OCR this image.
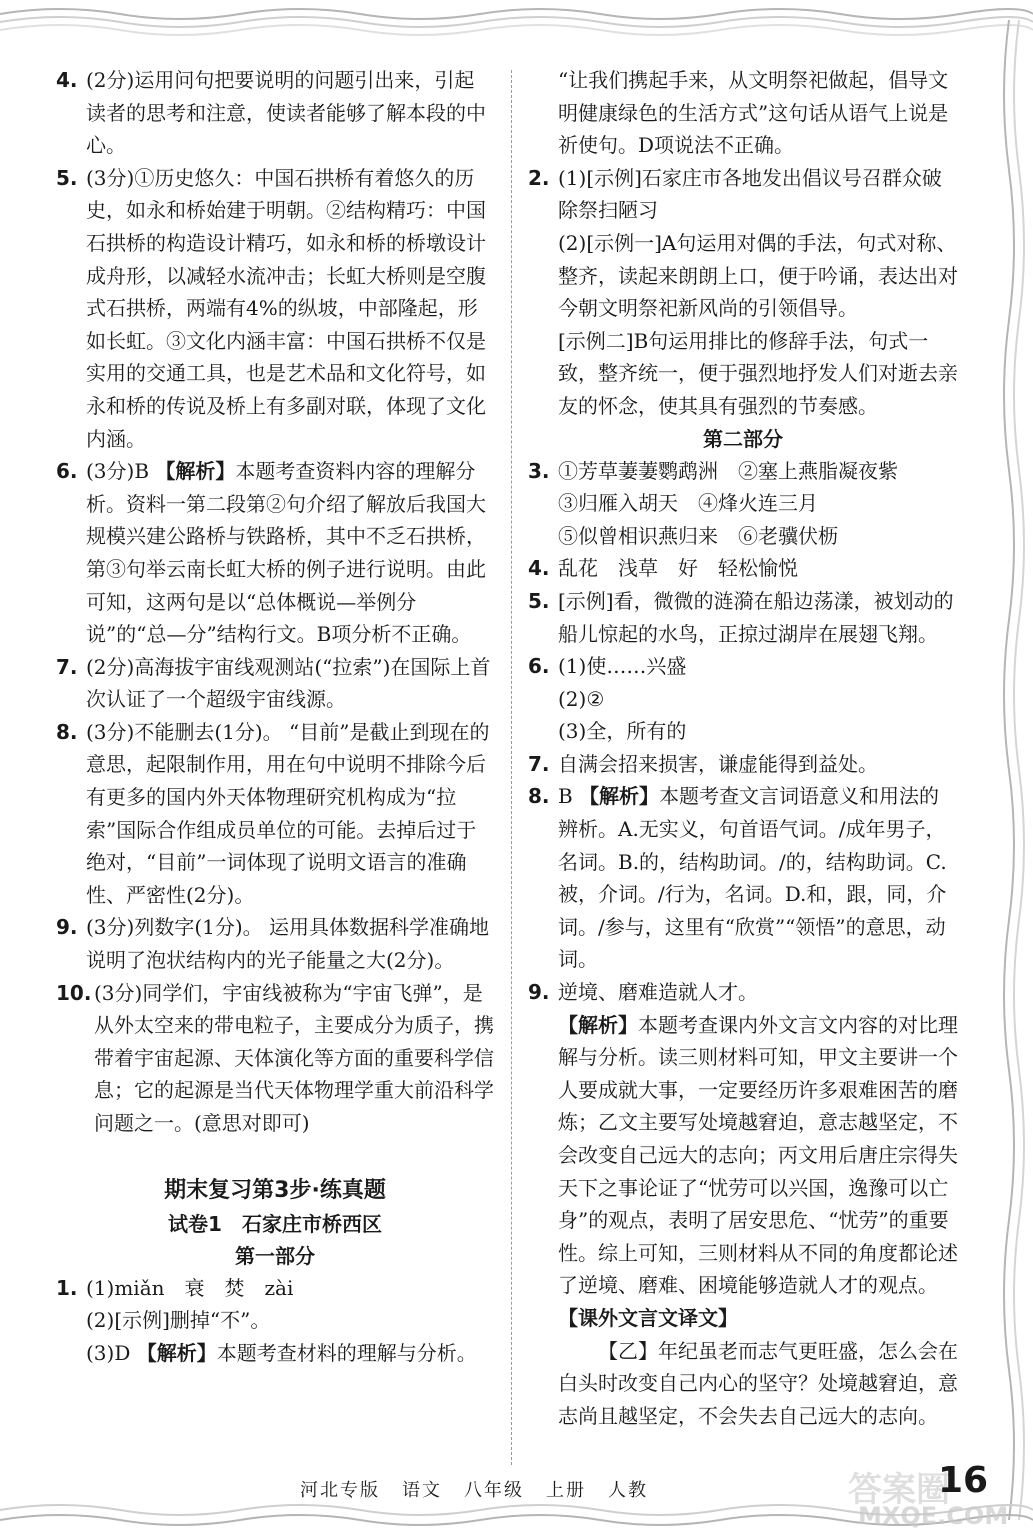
4. (2分)运用问句把要说明的问题引出来，引起读者的思考和注意，使读者能够了解本段的中心。
5. (3分)①历史悠久：中国石拱桥有着悠久的历史，如永和桥始建于明朝。②结构精巧：中国石拱桥的构造设计精巧，如永和桥的桥墩设计成舟形，以减轻水流冲击；长虹大桥则是空腹式石拱桥，两端有4%的纵坡，中部隆起，形如长虹。③文化内涵丰富：中国石拱桥不仅是实用的交通工具，也是艺术品和文化符号，如永和桥的传说及桥上有多副对联，体现了文化内涵。
6. (3分)B 【解析】本题考查资料内容的理解分析。资料一第二段第②句介绍了解放后我国大规模兴建公路桥与铁路桥，其中不乏石拱桥，第③句举云南长虹大桥的例子进行说明。由此可知，这两句是以“总体概说—举例分说”的“总—分”结构行文。B项分析不正确。
7. (2分)高海拔宇宙线观测站(“拉索”)在国际上首次认证了一个超级宇宙线源。
8. (3分)不能删去(1分)。 “目前”是截止到现在的意思，起限制作用，用在句中说明不排除今后有更多的国内外天体物理研究机构成为“拉索”国际合作组成员单位的可能。去掉后过于绝对，“目前”一词体现了说明文语言的准确性、严密性(2分)。
9. (3分)列数字(1分)。 运用具体数据科学准确地说明了泡状结构内的光子能量之大(2分)。
10. (3分)同学们，宇宙线被称为“宇宙飞弹”，是从外太空来的带电粒子，主要成分为质子，携带着宇宙起源、天体演化等方面的重要科学信息；它的起源是当代天体物理学重大前沿科学问题之一。(意思对即可)
期末复习第3步·练真题
试卷1　石家庄市桥西区
第一部分
1. (1)miǎn　衰　焚　zài
(2)[示例]删掉“不”。
(3)D 【解析】本题考查材料的理解与分析。
“让我们携起手来，从文明祭祀做起，倡导文明健康绿色的生活方式”这句话从语气上说是祈使句。D项说法不正确。
2. (1)[示例]石家庄市各地发出倡议号召群众破除祭扫陋习
(2)[示例一]A句运用对偶的手法，句式对称、整齐，读起来朗朗上口，便于吟诵，表达出对今朝文明祭祀新风尚的引领倡导。
[示例二]B句运用排比的修辞手法，句式一致，整齐统一，便于强烈地抒发人们对逝去亲友的怀念，使其具有强烈的节奏感。
第二部分
3. ①芳草萋萋鹦鹉洲　②塞上燕脂凝夜紫
③归雁入胡天　④烽火连三月
⑤似曾相识燕归来　⑥老骥伏枥
4. 乱花　浅草　好　轻松愉悦
5. [示例]看，微微的涟漪在船边荡漾，被划动的船儿惊起的水鸟，正掠过湖岸在展翅飞翔。
6. (1)使……兴盛
(2)②
(3)全，所有的
7. 自满会招来损害，谦虚能得到益处。
8. B 【解析】本题考查文言词语意义和用法的辨析。A.无实义，句首语气词。/成年男子，名词。B.的，结构助词。/的，结构助词。C.被，介词。/行为，名词。D.和，跟，同，介词。/参与，这里有“欣赏”“领悟”的意思，动词。
9. 逆境、磨难造就人才。
【解析】本题考查课内外文言文内容的对比理解与分析。读三则材料可知，甲文主要讲一个人要成就大事，一定要经历许多艰难困苦的磨炼；乙文主要写处境越窘迫，意志越坚定，不会改变自己远大的志向；丙文用后唐庄宗得失天下之事论证了“忧劳可以兴国，逸豫可以亡身”的观点，表明了居安思危、“忧劳”的重要性。综上可知，三则材料从不同的角度都论述了逆境、磨难、困境能够造就人才的观点。
【课外文言文译文】
【乙】年纪虽老而志气更旺盛，怎么会在白头时改变自己内心的坚守？处境越窘迫，意志尚且越坚定，不会失去自己远大的志向。
河北专版 语文 八年级 上册 人教	答案圈
MXQE.COM
16
